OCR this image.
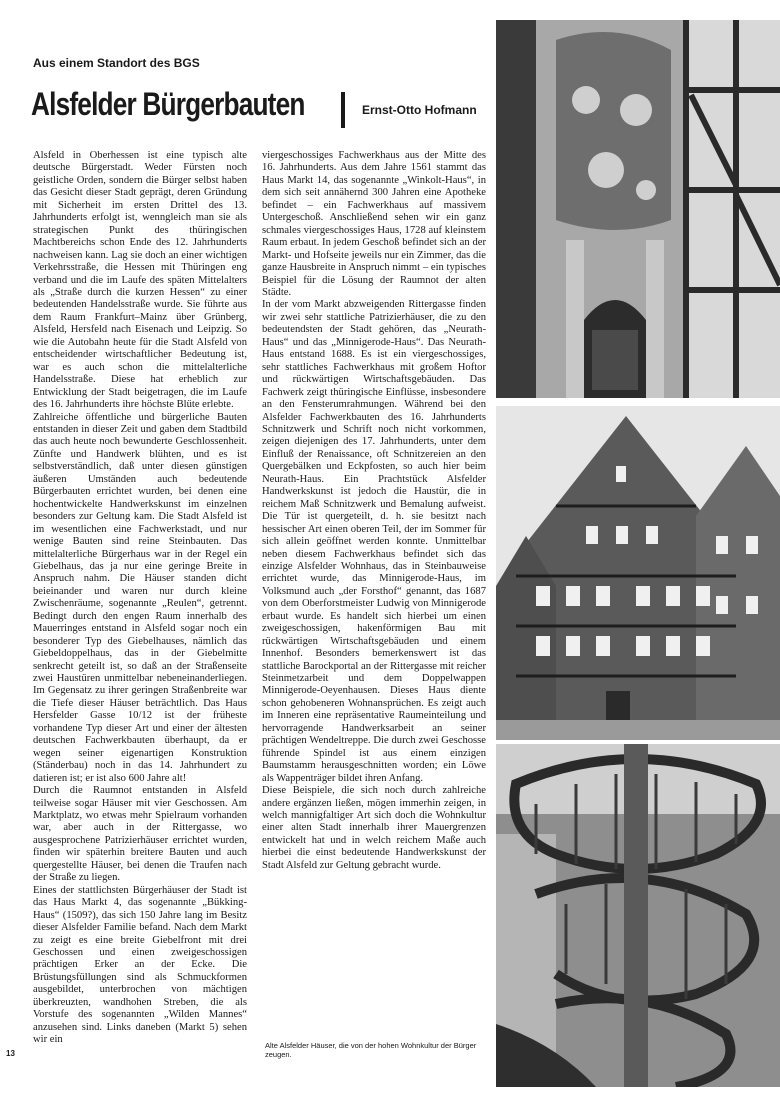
Aus einem Standort des BGS
Alsfelder Bürgerbauten	Ernst-Otto Hofmann

Alsfeld in Oberhessen ist eine typisch alte deutsche Bürgerstadt. Weder Fürsten noch geistliche Orden, sondern die Bürger selbst haben das Gesicht dieser Stadt geprägt, deren Gründung mit Sicherheit im ersten Drittel des 13. Jahrhunderts erfolgt ist, wenngleich man sie als strategischen Punkt des thüringischen Machtbereichs schon Ende des 12. Jahrhunderts nachweisen kann. Lag sie doch an einer wichtigen Verkehrsstraße, die Hessen mit Thüringen eng verband und die im Laufe des späten Mittelalters als „Straße durch die kurzen Hessen“ zu einer bedeutenden Handelsstraße wurde. Sie führte aus dem Raum Frankfurt–Mainz über Grünberg, Alsfeld, Hersfeld nach Eisenach und Leipzig. So wie die Autobahn heute für die Stadt Alsfeld von entscheidender wirtschaftlicher Bedeutung ist, war es auch schon die mittelalterliche Handelsstraße. Diese hat erheblich zur Entwicklung der Stadt beigetragen, die im Laufe des 16. Jahrhunderts ihre höchste Blüte erlebte.

Zahlreiche öffentliche und bürgerliche Bauten entstanden in dieser Zeit und gaben dem Stadtbild das auch heute noch bewunderte Geschlossenheit. Zünfte und Handwerk blühten, und es ist selbstverständlich, daß unter diesen günstigen äußeren Umständen auch bedeutende Bürgerbauten errichtet wurden, bei denen eine hochentwickelte Handwerkskunst im einzelnen besonders zur Geltung kam. Die Stadt Alsfeld ist im wesentlichen eine Fachwerkstadt, und nur wenige Bauten sind reine Steinbauten. Das mittelalterliche Bürgerhaus war in der Regel ein Giebelhaus, das ja nur eine geringe Breite in Anspruch nahm. Die Häuser standen dicht beieinander und waren nur durch kleine Zwischenräume, sogenannte „Reulen“, getrennt. Bedingt durch den engen Raum innerhalb des Mauerringes entstand in Alsfeld sogar noch ein besonderer Typ des Giebelhauses, nämlich das Giebeldoppelhaus, das in der Giebelmitte senkrecht geteilt ist, so daß an der Straßenseite zwei Haustüren unmittelbar nebeneinanderliegen. Im Gegensatz zu ihrer geringen Straßenbreite war die Tiefe dieser Häuser beträchtlich. Das Haus Hersfelder Gasse 10/12 ist der früheste vorhandene Typ dieser Art und einer der ältesten deutschen Fachwerkbauten überhaupt, da er wegen seiner eigenartigen Konstruktion (Ständerbau) noch in das 14. Jahrhundert zu datieren ist; er ist also 600 Jahre alt!

Durch die Raumnot entstanden in Alsfeld teilweise sogar Häuser mit vier Geschossen. Am Marktplatz, wo etwas mehr Spielraum vorhanden war, aber auch in der Rittergasse, wo ausgesprochene Patrizierhäuser errichtet wurden, finden wir späterhin breitere Bauten und auch quergestellte Häuser, bei denen die Traufen nach der Straße zu liegen.

Eines der stattlichsten Bürgerhäuser der Stadt ist das Haus Markt 4, das sogenannte „Bükking-Haus“ (1509?), das sich 150 Jahre lang im Besitz dieser Alsfelder Familie befand. Nach dem Markt zu zeigt es eine breite Giebelfront mit drei Geschossen und einen zweigeschossigen prächtigen Erker an der Ecke. Die Brüstungsfüllungen sind als Schmuckformen ausgebildet, unterbrochen von mächtigen überkreuzten, wandhohen Streben, die als Vorstufe des sogenannten „Wilden Mannes“ anzusehen sind. Links daneben (Markt 5) sehen wir ein

viergeschossiges Fachwerkhaus aus der Mitte des 16. Jahrhunderts. Aus dem Jahre 1561 stammt das Haus Markt 14, das sogenannte „Winkolt-Haus“, in dem sich seit annähernd 300 Jahren eine Apotheke befindet – ein Fachwerkhaus auf massivem Untergeschoß. Anschließend sehen wir ein ganz schmales viergeschossiges Haus, 1728 auf kleinstem Raum erbaut. In jedem Geschoß befindet sich an der Markt- und Hofseite jeweils nur ein Zimmer, das die ganze Hausbreite in Anspruch nimmt – ein typisches Beispiel für die Lösung der Raumnot der alten Städte.

In der vom Markt abzweigenden Rittergasse finden wir zwei sehr stattliche Patrizierhäuser, die zu den bedeutendsten der Stadt gehören, das „Neurath-Haus“ und das „Minnigerode-Haus“. Das Neurath-Haus entstand 1688. Es ist ein viergeschossiges, sehr stattliches Fachwerkhaus mit großem Hoftor und rückwärtigen Wirtschaftsgebäuden. Das Fachwerk zeigt thüringische Einflüsse, insbesondere an den Fensterumrahmungen. Während bei den Alsfelder Fachwerkbauten des 16. Jahrhunderts Schnitzwerk und Schrift noch nicht vorkommen, zeigen diejenigen des 17. Jahrhunderts, unter dem Einfluß der Renaissance, oft Schnitzereien an den Quergebälken und Eckpfosten, so auch hier beim Neurath-Haus. Ein Prachtstück Alsfelder Handwerkskunst ist jedoch die Haustür, die in reichem Maß Schnitzwerk und Bemalung aufweist. Die Tür ist quergeteilt, d. h. sie besitzt nach hessischer Art einen oberen Teil, der im Sommer für sich allein geöffnet werden konnte. Unmittelbar neben diesem Fachwerkhaus befindet sich das einzige Alsfelder Wohnhaus, das in Steinbauweise errichtet wurde, das Minnigerode-Haus, im Volksmund auch „der Forsthof“ genannt, das 1687 von dem Oberforstmeister Ludwig von Minnigerode erbaut wurde. Es handelt sich hierbei um einen zweigeschossigen, hakenförmigen Bau mit rückwärtigen Wirtschaftsgebäuden und einem Innenhof. Besonders bemerkenswert ist das stattliche Barockportal an der Rittergasse mit reicher Steinmetzarbeit und dem Doppelwappen Minnigerode-Oeyenhausen. Dieses Haus diente schon gehobeneren Wohnansprüchen. Es zeigt auch im Inneren eine repräsentative Raumeinteilung und hervorragende Handwerksarbeit an seiner prächtigen Wendeltreppe. Die durch zwei Geschosse führende Spindel ist aus einem einzigen Baumstamm herausgeschnitten worden; ein Löwe als Wappenträger bildet ihren Anfang.

Diese Beispiele, die sich noch durch zahlreiche andere ergänzen ließen, mögen immerhin zeigen, in welch mannigfaltiger Art sich doch die Wohnkultur einer alten Stadt innerhalb ihrer Mauergrenzen entwickelt hat und in welch reichem Maße auch hierbei die einst bedeutende Handwerkskunst der Stadt Alsfeld zur Geltung gebracht wurde.

13
Alte Alsfelder Häuser, die von der hohen Wohnkultur der Bürger zeugen.
